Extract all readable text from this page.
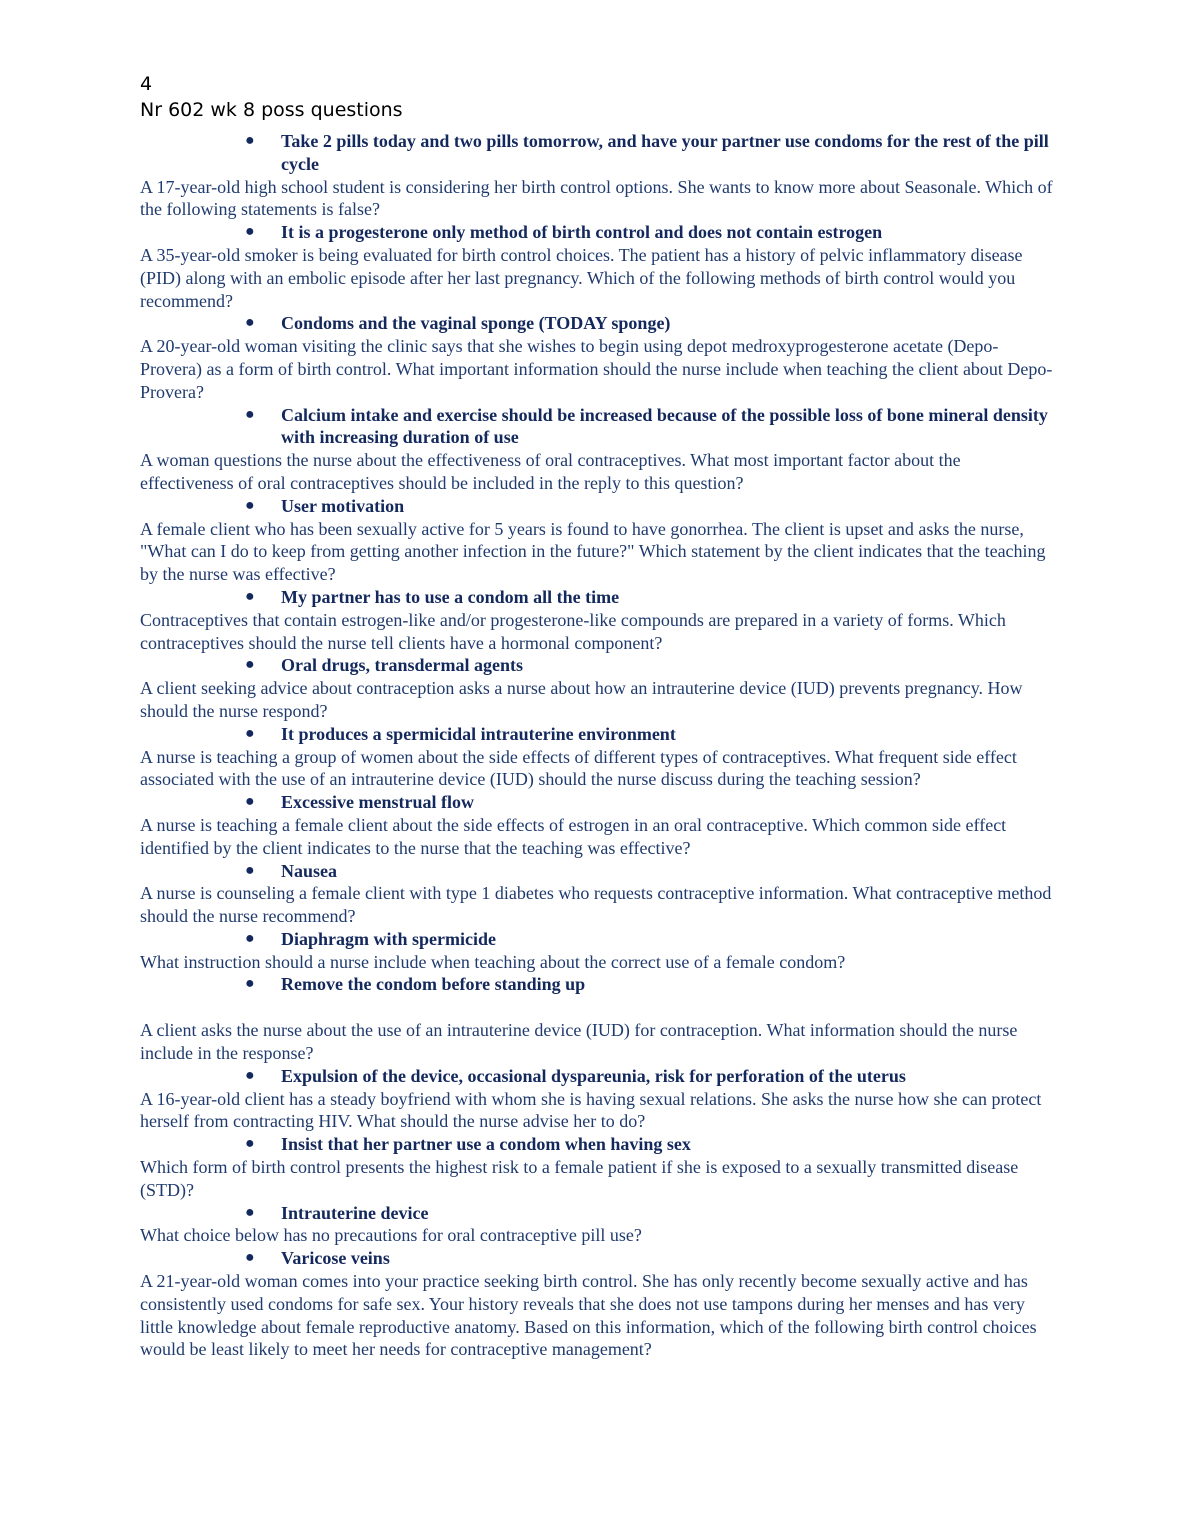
4
Nr 602 wk 8 poss questions

● Take 2 pills today and two pills tomorrow, and have your partner use condoms for the rest of the pill cycle

A 17-year-old high school student is considering her birth control options. She wants to know more about Seasonale. Which of the following statements is false?

● It is a progesterone only method of birth control and does not contain estrogen

A 35-year-old smoker is being evaluated for birth control choices. The patient has a history of pelvic inflammatory disease (PID) along with an embolic episode after her last pregnancy. Which of the following methods of birth control would you recommend?

● Condoms and the vaginal sponge (TODAY sponge)

A 20-year-old woman visiting the clinic says that she wishes to begin using depot medroxyprogesterone acetate (Depo-Provera) as a form of birth control. What important information should the nurse include when teaching the client about Depo-Provera?

● Calcium intake and exercise should be increased because of the possible loss of bone mineral density with increasing duration of use

A woman questions the nurse about the effectiveness of oral contraceptives. What most important factor about the effectiveness of oral contraceptives should be included in the reply to this question?

● User motivation

A female client who has been sexually active for 5 years is found to have gonorrhea. The client is upset and asks the nurse, "What can I do to keep from getting another infection in the future?" Which statement by the client indicates that the teaching by the nurse was effective?

● My partner has to use a condom all the time

Contraceptives that contain estrogen-like and/or progesterone-like compounds are prepared in a variety of forms. Which contraceptives should the nurse tell clients have a hormonal component?

● Oral drugs, transdermal agents

A client seeking advice about contraception asks a nurse about how an intrauterine device (IUD) prevents pregnancy. How should the nurse respond?

● It produces a spermicidal intrauterine environment

A nurse is teaching a group of women about the side effects of different types of contraceptives. What frequent side effect associated with the use of an intrauterine device (IUD) should the nurse discuss during the teaching session?

● Excessive menstrual flow

A nurse is teaching a female client about the side effects of estrogen in an oral contraceptive. Which common side effect identified by the client indicates to the nurse that the teaching was effective?

● Nausea

A nurse is counseling a female client with type 1 diabetes who requests contraceptive information. What contraceptive method should the nurse recommend?

● Diaphragm with spermicide

What instruction should a nurse include when teaching about the correct use of a female condom?

● Remove the condom before standing up

A client asks the nurse about the use of an intrauterine device (IUD) for contraception. What information should the nurse include in the response?

● Expulsion of the device, occasional dyspareunia, risk for perforation of the uterus

A 16-year-old client has a steady boyfriend with whom she is having sexual relations. She asks the nurse how she can protect herself from contracting HIV. What should the nurse advise her to do?

● Insist that her partner use a condom when having sex

Which form of birth control presents the highest risk to a female patient if she is exposed to a sexually transmitted disease (STD)?

● Intrauterine device

What choice below has no precautions for oral contraceptive pill use?

● Varicose veins

A 21-year-old woman comes into your practice seeking birth control. She has only recently become sexually active and has consistently used condoms for safe sex. Your history reveals that she does not use tampons during her menses and has very little knowledge about female reproductive anatomy. Based on this information, which of the following birth control choices would be least likely to meet her needs for contraceptive management?
